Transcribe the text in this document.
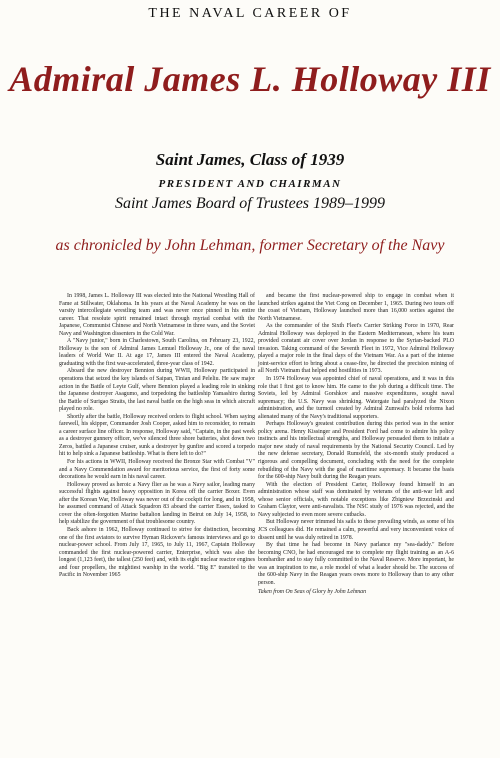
THE NAVAL CAREER OF
Admiral James L. Holloway III
Saint James, Class of 1939
PRESIDENT AND CHAIRMAN
Saint James Board of Trustees 1989–1999
as chronicled by John Lehman, former Secretary of the Navy

In 1998, James L. Holloway III was elected into the National Wrestling Hall of Fame at Stillwater, Oklahoma. In his years at the Naval Academy he was on the varsity intercollegiate wrestling team and was never once pinned in his entire career. That resolute spirit remained intact through myriad combat with the Japanese, Communist Chinese and North Vietnamese in three wars, and the Soviet Navy and Washington dissenters in the Cold War.

A "Navy junior," born in Charlestown, South Carolina, on February 23, 1922, Holloway is the son of Admiral James Lemuel Holloway Jr., one of the naval leaders of World War II. At age 17, James III entered the Naval Academy, graduating with the first war-accelerated, three-year class of 1942.

Aboard the new destroyer Bennion during WWII, Holloway participated in operations that seized the key islands of Saipan, Tinian and Peleliu. He saw major action in the Battle of Leyte Gulf, where Bennion played a leading role in sinking the Japanese destroyer Asagumo, and torpedoing the battleship Yamashiro during the Battle of Surigao Straits, the last naval battle on the high seas in which aircraft played no role.

Shortly after the battle, Holloway received orders to flight school. When saying farewell, his skipper, Commander Josh Cooper, asked him to reconsider, to remain a career surface line officer. In response, Holloway said, "Captain, in the past week as a destroyer gunnery officer, we've silenced three shore batteries, shot down two Zeros, battled a Japanese cruiser, sunk a destroyer by gunfire and scored a torpedo hit to help sink a Japanese battleship. What is there left to do?"

For his actions in WWII, Holloway received the Bronze Star with Combat "V" and a Navy Commendation award for meritorious service, the first of forty some decorations he would earn in his naval career.

Holloway proved as heroic a Navy flier as he was a Navy sailor, leading many successful flights against heavy opposition in Korea off the carrier Boxer. Even after the Korean War, Holloway was never out of the cockpit for long, and in 1958, he assumed command of Attack Squadron 83 aboard the carrier Essex, tasked to cover the often-forgotten Marine battalion landing in Beirut on July 14, 1958, to help stabilize the government of that troublesome country.

Back ashore in 1962, Holloway continued to strive for distinction, becoming one of the first aviators to survive Hyman Rickover's famous interviews and go to nuclear-power school. From July 17, 1965, to July 11, 1967, Captain Holloway commanded the first nuclear-powered carrier, Enterprise, which was also the longest (1,123 feet), the tallest (250 feet) and, with its eight nuclear reactor engines and four propellers, the mightiest warship in the world. "Big E" transited to the Pacific in November 1965

and became the first nuclear-powered ship to engage in combat when it launched strikes against the Viet Cong on December 1, 1965. During two tours off the coast of Vietnam, Holloway launched more than 16,000 sorties against the North Vietnamese.

As the commander of the Sixth Fleet's Carrier Striking Force in 1970, Rear Admiral Holloway was deployed in the Eastern Mediterranean, where his team provided constant air cover over Jordan in response to the Syrian-backed PLO invasion. Taking command of the Seventh Fleet in 1972, Vice Admiral Holloway played a major role in the final days of the Vietnam War. As a part of the intense joint-service effort to bring about a cease-fire, he directed the precision mining of all North Vietnam that helped end hostilities in 1973.

In 1974 Holloway was appointed chief of naval operations, and it was in this role that I first got to know him. He came to the job during a difficult time. The Soviets, led by Admiral Gorshkov and massive expenditures, sought naval supremacy; the U.S. Navy was shrinking. Watergate had paralyzed the Nixon administration, and the turmoil created by Admiral Zumwalt's bold reforms had alienated many of the Navy's traditional supporters.

Perhaps Holloway's greatest contribution during this period was in the senior policy arena. Henry Kissinger and President Ford had come to admire his policy instincts and his intellectual strengths, and Holloway persuaded them to initiate a major new study of naval requirements by the National Security Council. Led by the new defense secretary, Donald Rumsfeld, the six-month study produced a rigorous and compelling document, concluding with the need for the complete rebuilding of the Navy with the goal of maritime supremacy. It became the basis for the 600-ship Navy built during the Reagan years.

With the election of President Carter, Holloway found himself in an administration whose staff was dominated by veterans of the anti-war left and whose senior officials, with notable exceptions like Zbigniew Brzezinski and Graham Claytor, were anti-navalists. The NSC study of 1976 was rejected, and the Navy subjected to even more severe cutbacks.

But Holloway never trimmed his sails to these prevailing winds, as some of his JCS colleagues did. He remained a calm, powerful and very inconvenient voice of dissent until he was duly retired in 1978.

By that time he had become in Navy parlance my "sea-daddy." Before becoming CNO, he had encouraged me to complete my flight training as an A-6 bombardier and to stay fully committed to the Naval Reserve. More important, he was an inspiration to me, a role model of what a leader should be. The success of the 600-ship Navy in the Reagan years owes more to Holloway than to any other person.

Taken from On Seas of Glory by John Lehman
